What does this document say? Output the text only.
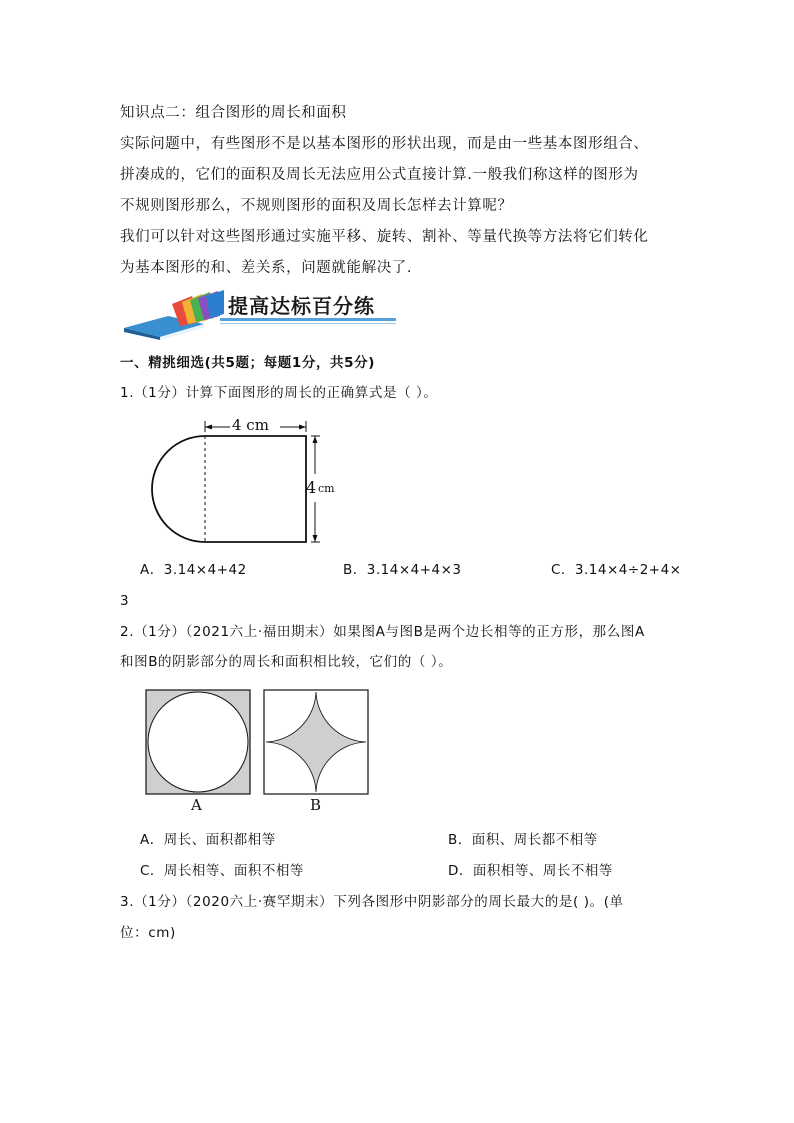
知识点二：组合图形的周长和面积
实际问题中，有些图形不是以基本图形的形状出现，而是由一些基本图形组合、
拼凑成的，它们的面积及周长无法应用公式直接计算.一般我们称这样的图形为
不规则图形那么，不规则图形的面积及周长怎样去计算呢？
我们可以针对这些图形通过实施平移、旋转、割补、等量代换等方法将它们转化
为基本图形的和、差关系，问题就能解决了.
提高达标百分练
一、精挑细选(共5题；每题1分，共5分)
1.（1分）计算下面图形的周长的正确算式是（ ）。
4 cm
4 cm
A．3.14×4+42	B．3.14×4+4×3	C．3.14×4÷2+4×
3
2.（1分）（2021六上·福田期末）如果图A与图B是两个边长相等的正方形，那么图A
和图B的阴影部分的周长和面积相比较，它们的（ ）。
A	B
A．周长、面积都相等	B．面积、周长都不相等
C．周长相等、面积不相等	D．面积相等、周长不相等
3.（1分）（2020六上·赛罕期末）下列各图形中阴影部分的周长最大的是( )。(单
位：cm)
